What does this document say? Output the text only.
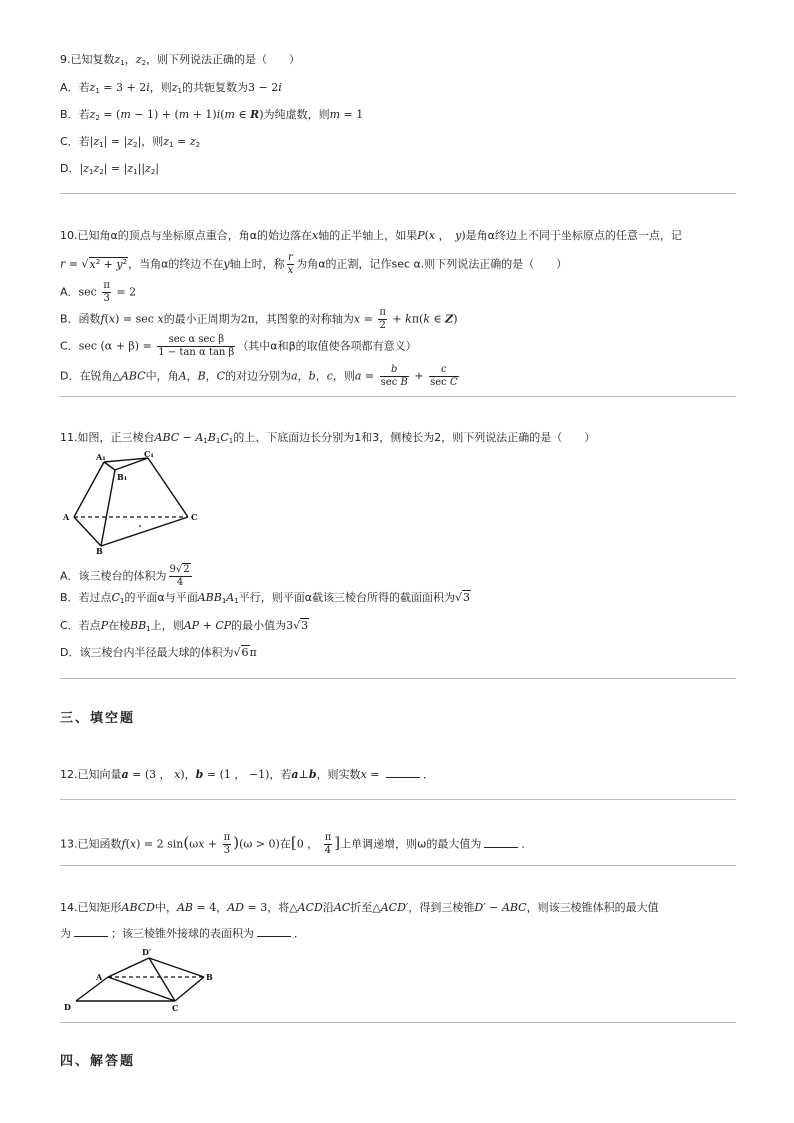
9.已知复数$z_1$，$z_2$，则下列说法正确的是（　　）
A．若$z_1 = 3 + 2i$，则$z_1$的共轭复数为3 − 2i
B．若$z_2 = (m - 1) + (m + 1)i(m$ ∈ R)为纯虚数，则m = 1
C．若$|z_1| = |z_2|$，则$z_1 = z_2$
D．$|z_1z_2| = |z_1||z_2|$
10.已知角α的顶点与坐标原点重合，角α的始边落在x轴的正半轴上，如果P(x ，　y)是角α终边上不同于坐标原点的任意一点，记
$r = √x^2 + y^2$，当角α的终边不在y轴上时，称 $\frac{r}{x}$ 为角α的正割，记作sec α.则下列说法正确的是（　　）
A．$\sec \frac{\pi}{3} = 2$
B．函数f(x) = sec x的最小正周期为2π，其图象的对称轴为$x = \frac{\pi}{2} + k\pi(k$ ∈ Z)
C．$\sec (\alpha + \beta) = \frac{\text{sec α sec β}}{\text{1 − tan α tan β}}$ （其中α和β的取值使各项都有意义）
D．在锐角△ABC中，角A，B，C的对边分别为a，b，c，则$a = \frac{b}{\text{sec B}} + \frac{c}{\text{sec C}}$
11.如图，正三棱台ABC − $A_1B_1C_1$的上、下底面边长分别为1和3，侧棱长为2，则下列说法正确的是（　　）
A₁	C₁
B₁
A
B
C
A．该三棱台的体积为 $\frac{9√2}{4}$
B．若过点$C_1$的平面α与平面$ABB_1A_1$平行，则平面α截该三棱台所得的截面面积为√3
C．若点P在棱$BB_1$上，则AP + CP的最小值为3√3
D．该三棱台内半径最大球的体积为√6π
三、填空题
12.已知向量a = (3 ， x)，b = (1 ， −1)，若a⊥b，则实数x =	．
13.已知函数f(x) = 2 $\sin(\omega x + \frac{\pi}{3} )(\omega > 0)$在[0 ， $\frac{\pi}{4}$ ]上单调递增，则ω的最大值为	．
14.已知矩形ABCD中，AB = 4，AD = 3，将△ACD沿AC折至△ACD′，得到三棱锥D′ − ABC，则该三棱锥体积的最大值
为	；该三棱锥外接球的表面积为	．
D′
A	B
D	C
四、解答题
